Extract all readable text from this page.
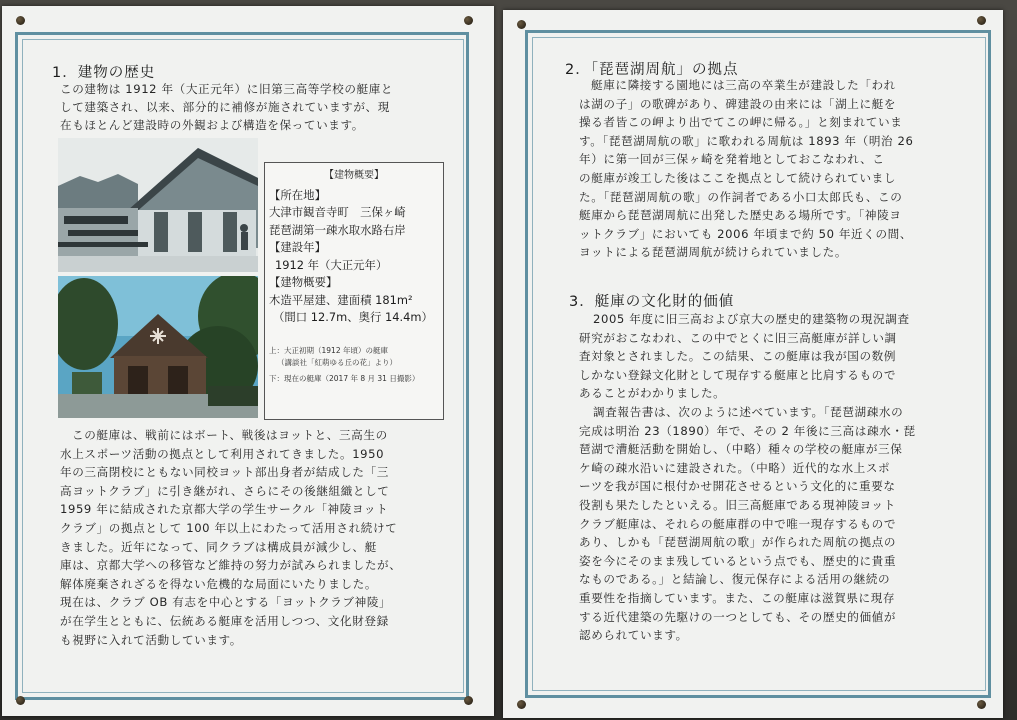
1．建物の歴史
この建物は 1912 年（大正元年）に旧第三高等学校の艇庫と
して建築され、以来、部分的に補修が施されていますが、現
在もほとんど建設時の外観および構造を保っています。
【建物概要】
【所在地】
大津市観音寺町　三保ヶ崎
琵琶湖第一疎水取水路右岸
【建設年】
1912 年（大正元年）
【建物概要】
木造平屋建、建面積 181m²
（間口 12.7m、奥行 14.4m）
上：大正初期（1912 年頃）の艇庫
（講談社「紅萌ゆる丘の花」より）
下：現在の艇庫（2017 年 8 月 31 日撮影）
この艇庫は、戦前にはボート、戦後はヨットと、三高生の
水上スポーツ活動の拠点として利用されてきました。1950
年の三高閉校にともない同校ヨット部出身者が結成した「三
高ヨットクラブ」に引き継がれ、さらにその後継組織として
1959 年に結成された京都大学の学生サークル「神陵ヨット
クラブ」の拠点として 100 年以上にわたって活用され続けて
きました。近年になって、同クラブは構成員が減少し、艇
庫は、京都大学への移管など維持の努力が試みられましたが、
解体廃棄されざるを得ない危機的な局面にいたりました。
現在は、クラブ OB 有志を中心とする「ヨットクラブ神陵」
が在学生とともに、伝統ある艇庫を活用しつつ、文化財登録
も視野に入れて活動しています。
2．「琵琶湖周航」の拠点
艇庫に隣接する園地には三高の卒業生が建設した「われ
は湖の子」の歌碑があり、碑建設の由来には「湖上に艇を
操る者皆この岬より出でてこの岬に帰る。」と刻まれていま
す。「琵琶湖周航の歌」に歌われる周航は 1893 年（明治 26
年）に第一回が三保ヶ崎を発着地としておこなわれ、こ
の艇庫が竣工した後はここを拠点として続けられていまし
た。「琵琶湖周航の歌」の作詞者である小口太郎氏も、この
艇庫から琵琶湖周航に出発した歴史ある場所です。「神陵ヨ
ットクラブ」においても 2006 年頃まで約 50 年近くの間、
ヨットによる琵琶湖周航が続けられていました。
3．艇庫の文化財的価値
2005 年度に旧三高および京大の歴史的建築物の現況調査
研究がおこなわれ、この中でとくに旧三高艇庫が詳しい調
査対象とされました。この結果、この艇庫は我が国の数例
しかない登録文化財として現存する艇庫と比肩するもので
あることがわかりました。
調査報告書は、次のように述べています。「琵琶湖疎水の
完成は明治 23（1890）年で、その 2 年後に三高は疎水・琵
琶湖で漕艇活動を開始し、（中略）種々の学校の艇庫が三保
ケ崎の疎水沿いに建設された。（中略）近代的な水上スポ
ーツを我が国に根付かせ開花させるという文化的に重要な
役割も果たしたといえる。旧三高艇庫である現神陵ヨット
クラブ艇庫は、それらの艇庫群の中で唯一現存するもので
あり、しかも「琵琶湖周航の歌」が作られた周航の拠点の
姿を今にそのまま残しているという点でも、歴史的に貴重
なものである。」と結論し、復元保存による活用の継続の
重要性を指摘しています。また、この艇庫は滋賀県に現存
する近代建築の先駆けの一つとしても、その歴史的価値が
認められています。
